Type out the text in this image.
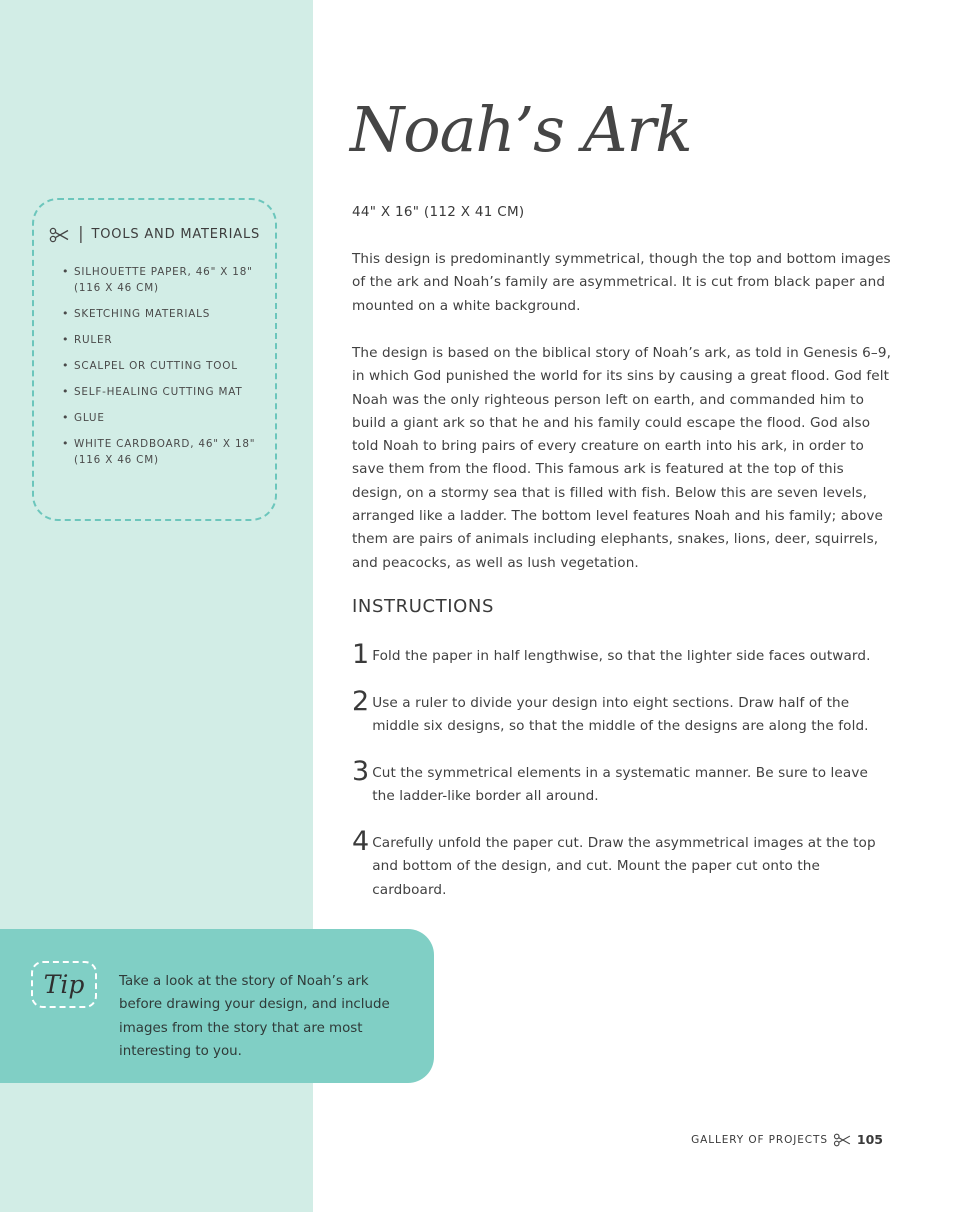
| TOOLS AND MATERIALS
• SILHOUETTE PAPER, 46" X 18" (116 X 46 CM)
• SKETCHING MATERIALS
• RULER
• SCALPEL OR CUTTING TOOL
• SELF-HEALING CUTTING MAT
• GLUE
• WHITE CARDBOARD, 46" X 18" (116 X 46 CM)
Noah’s Ark
44" X 16" (112 X 41 CM)

This design is predominantly symmetrical, though the top and bottom images of the ark and Noah’s family are asymmetrical. It is cut from black paper and mounted on a white background.

The design is based on the biblical story of Noah’s ark, as told in Genesis 6–9, in which God punished the world for its sins by causing a great flood. God felt Noah was the only righteous person left on earth, and commanded him to build a giant ark so that he and his family could escape the flood. God also told Noah to bring pairs of every creature on earth into his ark, in order to save them from the flood. This famous ark is featured at the top of this design, on a stormy sea that is filled with fish. Below this are seven levels, arranged like a ladder. The bottom level features Noah and his family; above them are pairs of animals including elephants, snakes, lions, deer, squirrels, and peacocks, as well as lush vegetation.

INSTRUCTIONS
1 Fold the paper in half lengthwise, so that the lighter side faces outward.
2 Use a ruler to divide your design into eight sections. Draw half of the middle six designs, so that the middle of the designs are along the fold.
3 Cut the symmetrical elements in a systematic manner. Be sure to leave the ladder-like border all around.
4 Carefully unfold the paper cut. Draw the asymmetrical images at the top and bottom of the design, and cut. Mount the paper cut onto the cardboard.
Tip	Take a look at the story of Noah’s ark before drawing your design, and include images from the story that are most interesting to you.
GALLERY OF PROJECTS 105
